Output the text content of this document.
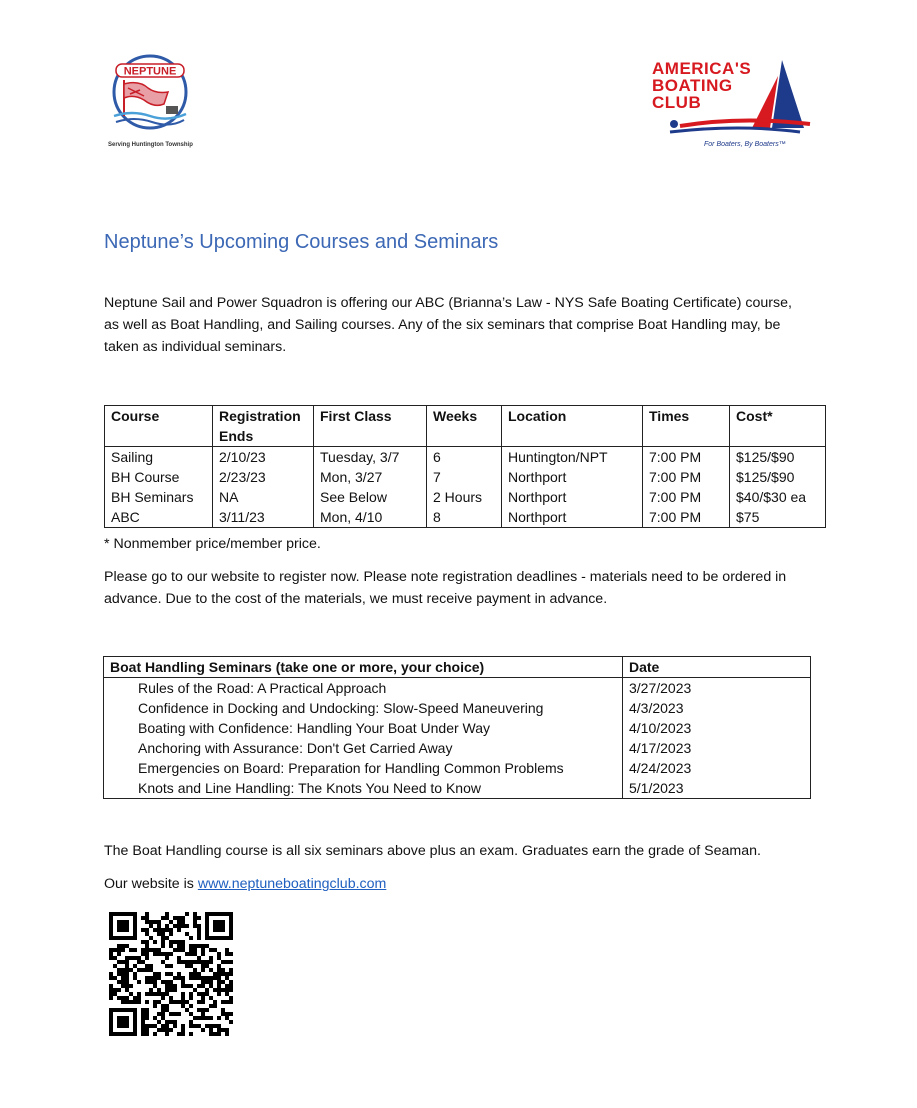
NEPTUNE
Serving Huntington Township
AMERICA'S
BOATING
CLUB
For Boaters, By Boaters™
Neptune’s Upcoming Courses and Seminars
Neptune Sail and Power Squadron is offering our ABC (Brianna’s Law - NYS Safe Boating Certificate) course, as well as Boat Handling, and Sailing courses. Any of the six seminars that comprise Boat Handling may, be taken as individual seminars.
Course	Registration Ends	First Class	Weeks	Location	Times	Cost*
Sailing	2/10/23	Tuesday, 3/7	6	Huntington/NPT	7:00 PM	$125/$90
BH Course	2/23/23	Mon, 3/27	7	Northport	7:00 PM	$125/$90
BH Seminars	NA	See Below	2 Hours	Northport	7:00 PM	$40/$30 ea
ABC	3/11/23	Mon, 4/10	8	Northport	7:00 PM	$75
* Nonmember price/member price.
Please go to our website to register now. Please note registration deadlines - materials need to be ordered in advance. Due to the cost of the materials, we must receive payment in advance.
Boat Handling Seminars (take one or more, your choice)	Date
Rules of the Road: A Practical Approach	3/27/2023
Confidence in Docking and Undocking: Slow-Speed Maneuvering	4/3/2023
Boating with Confidence: Handling Your Boat Under Way	4/10/2023
Anchoring with Assurance: Don't Get Carried Away	4/17/2023
Emergencies on Board: Preparation for Handling Common Problems	4/24/2023
Knots and Line Handling: The Knots You Need to Know	5/1/2023
The Boat Handling course is all six seminars above plus an exam. Graduates earn the grade of Seaman.
Our website is www.neptuneboatingclub.com
